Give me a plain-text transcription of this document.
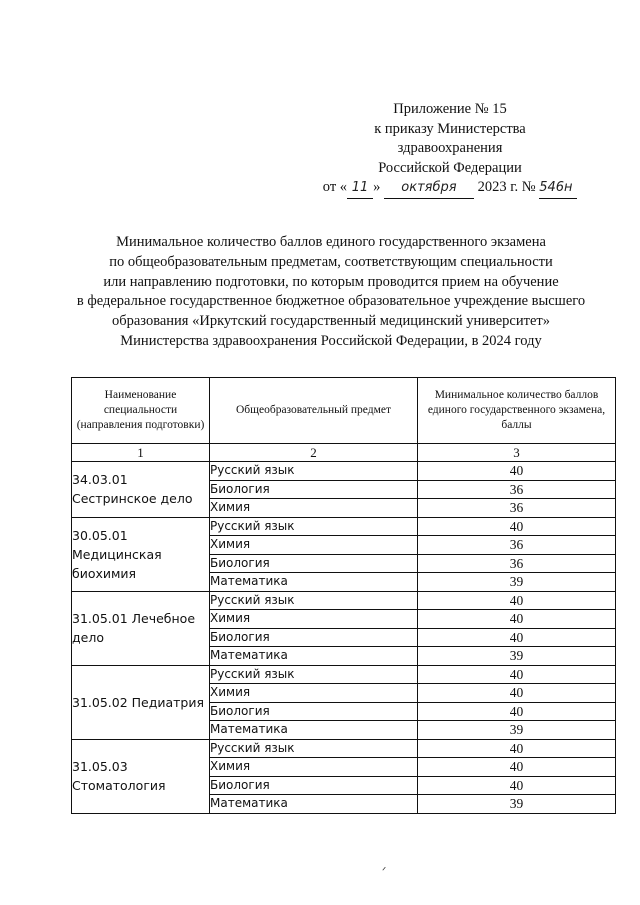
Приложение № 15
к приказу Министерства
здравоохранения
Российской Федерации
от « 11 » октября 2023 г. № 546н
Минимальное количество баллов единого государственного экзамена
по общеобразовательным предметам, соответствующим специальности
или направлению подготовки, по которым проводится прием на обучение
в федеральное государственное бюджетное образовательное учреждение высшего
образования «Иркутский государственный медицинский университет»
Министерства здравоохранения Российской Федерации, в 2024 году
Наименование специальности (направления подготовки)	Общеобразовательный предмет	Минимальное количество баллов единого государственного экзамена, баллы
1	2	3
34.03.01 Сестринское дело	Русский язык	40
	Биология	36
	Химия	36
30.05.01 Медицинская биохимия	Русский язык	40
	Химия	36
	Биология	36
	Математика	39
31.05.01 Лечебное дело	Русский язык	40
	Химия	40
	Биология	40
	Математика	39
31.05.02 Педиатрия	Русский язык	40
	Химия	40
	Биология	40
	Математика	39
31.05.03 Стоматология	Русский язык	40
	Химия	40
	Биология	40
	Математика	39
ᐟ
